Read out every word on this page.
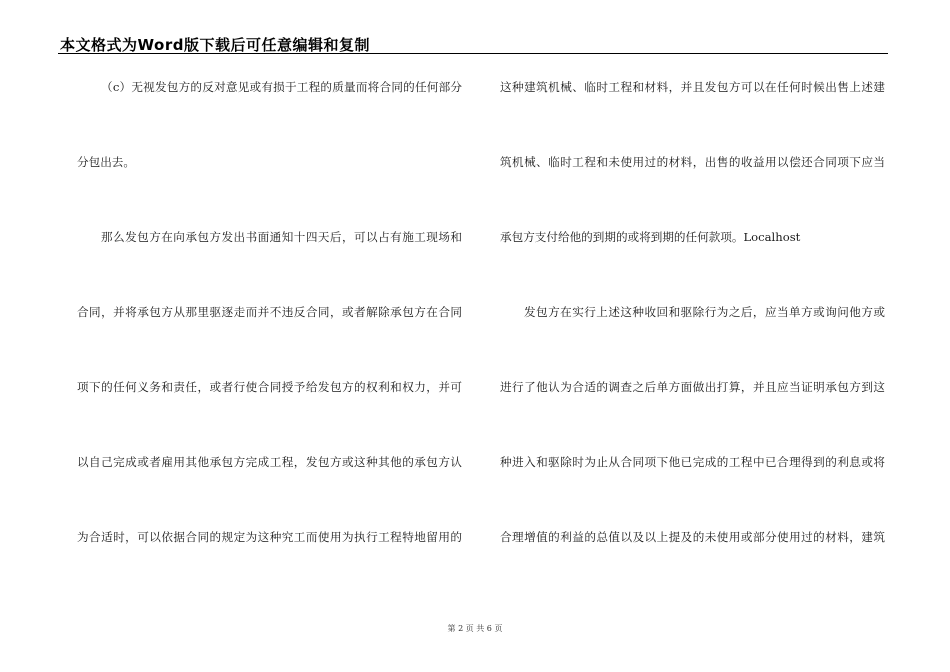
本文格式为Word版下载后可任意编辑和复制
（c）无视发包方的反对意见或有损于工程的质量而将合同的任何部分
分包出去。
那么发包方在向承包方发出书面通知十四天后，可以占有施工现场和
合同，并将承包方从那里驱逐走而并不违反合同，或者解除承包方在合同
项下的任何义务和责任，或者行使合同授予给发包方的权利和权力，并可
以自己完成或者雇用其他承包方完成工程，发包方或这种其他的承包方认
为合适时，可以依据合同的规定为这种究工而使用为执行工程特地留用的
这种建筑机械、临时工程和材料，并且发包方可以在任何时候出售上述建
筑机械、临时工程和未使用过的材料，出售的收益用以偿还合同项下应当
承包方支付给他的到期的或将到期的任何款项。Localhost
发包方在实行上述这种收回和驱除行为之后，应当单方或询问他方或
进行了他认为合适的调查之后单方面做出打算，并且应当证明承包方到这
种进入和驱除时为止从合同项下他已完成的工程中已合理得到的利息或将
合理增值的利益的总值以及以上提及的未使用或部分使用过的材料，建筑
第 2 页 共 6 页
